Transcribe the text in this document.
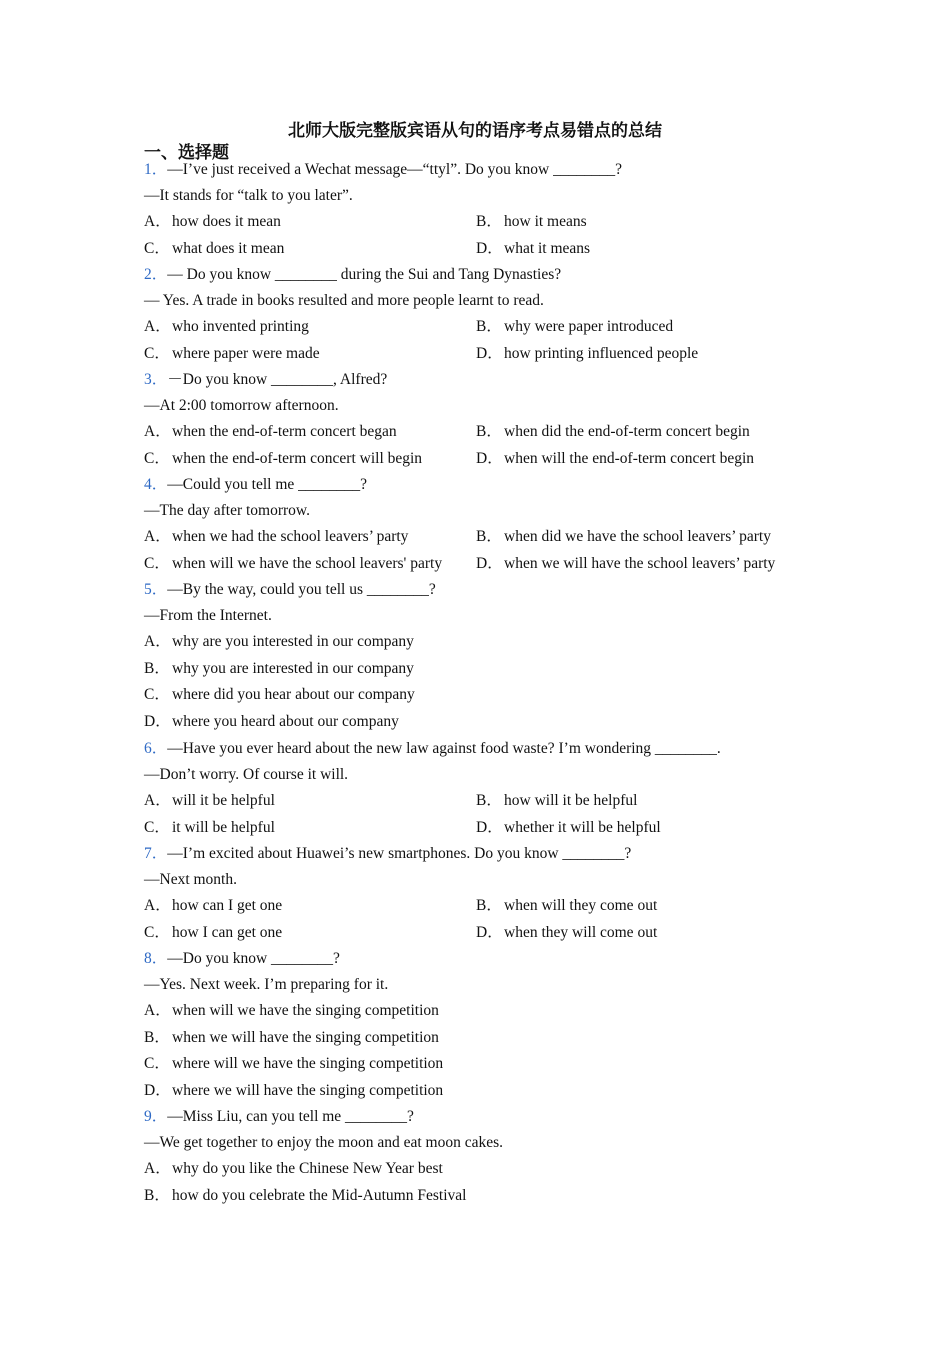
北师大版完整版宾语从句的语序考点易错点的总结
一、选择题
1．—I’ve just received a Wechat message—“ttyl”. Do you know ________?
—It stands for “talk to you later”.
A．how does it mean	B． how it means
C． what does it mean	D．what it means
2．— Do you know ________ during the Sui and Tang Dynasties?
— Yes. A trade in books resulted and more people learnt to read.
A．who invented printing	B． why were paper introduced
C． where paper were made	D．how printing influenced people
3．－Do you know ________, Alfred?
—At 2:00 tomorrow afternoon.
A．when the end-of-term concert began	B． when did the end-of-term concert begin
C． when the end-of-term concert will begin	D．when will the end-of-term concert begin
4．—Could you tell me ________?
—The day after tomorrow.
A．when we had the school leavers’ party	B． when did we have the school leavers’ party
C． when will we have the school leavers' party D．when we will have the school leavers’ party
5．—By the way, could you tell us ________?
—From the Internet.
A．why are you interested in our company
B． why you are interested in our company
C． where did you hear about our company
D．where you heard about our company
6．—Have you ever heard about the new law against food waste? I’m wondering ________.
—Don’t worry. Of course it will.
A．will it be helpful	B． how will it be helpful
C． it will be helpful	D．whether it will be helpful
7．—I’m excited about Huawei’s new smartphones. Do you know ________?
—Next month.
A．how can I get one	B． when will they come out
C． how I can get one	D．when they will come out
8．—Do you know ________?
—Yes. Next week. I’m preparing for it.
A．when will we have the singing competition
B． when we will have the singing competition
C． where will we have the singing competition
D．where we will have the singing competition
9．—Miss Liu, can you tell me ________?
—We get together to enjoy the moon and eat moon cakes.
A．why do you like the Chinese New Year best
B． how do you celebrate the Mid-Autumn Festival
